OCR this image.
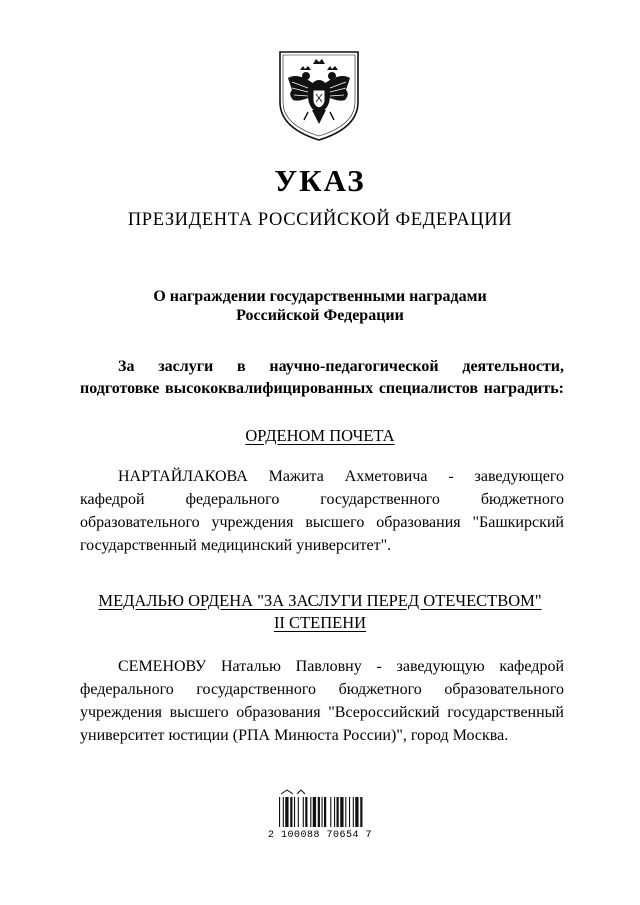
УКАЗ
ПРЕЗИДЕНТА РОССИЙСКОЙ ФЕДЕРАЦИИ
О награждении государственными наградами
Российской Федерации
За заслуги в научно-педагогической деятельности,
подготовке высококвалифицированных специалистов наградить:
ОРДЕНОМ ПОЧЕТА
НАРТАЙЛАКОВА Мажита Ахметовича - заведующего
кафедрой федерального государственного бюджетного
образовательного учреждения высшего образования "Башкирский
государственный медицинский университет".
МЕДАЛЬЮ ОРДЕНА "ЗА ЗАСЛУГИ ПЕРЕД ОТЕЧЕСТВОМ"
II СТЕПЕНИ
СЕМЕНОВУ Наталью Павловну - заведующую кафедрой
федерального государственного бюджетного образовательного
учреждения высшего образования "Всероссийский государственный
университет юстиции (РПА Минюста России)", город Москва.
2 100088 70654 7
